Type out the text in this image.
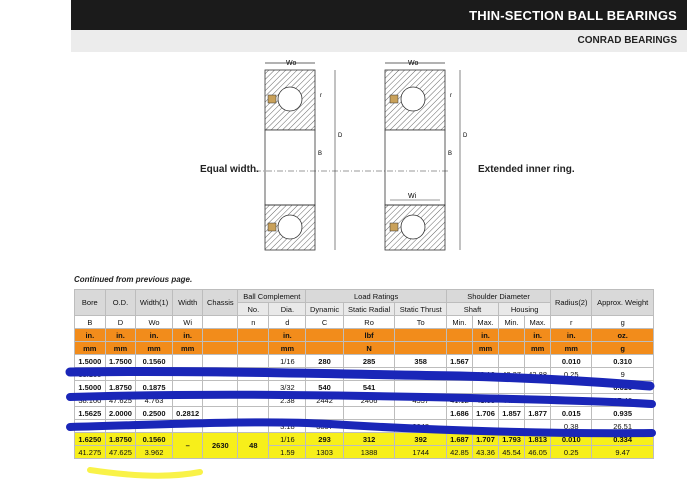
THIN-SECTION BALL BEARINGS
CONRAD BEARINGS
Wo
D
B
r
Wo
Wi
D
B
r
Equal width.	Extended inner ring.
Continued from previous page.
Bore	O.D.	Width(1)	Width	Chassis	Ball Complement		Load Ratings			Shoulder Diameter				Radius(2)	Approx. Weight
					No.	Dia.	Dynamic	Static Radial	Static Thrust	Shaft		Housing			
B	D	Wo	Wi		n	d	C	Ro	To	Min.	Max.	Min.	Max.	r	g
in.	in.	in.	in.			in.		lbf			in.		in.	in.	oz.
mm	mm	mm	mm			mm		N			mm		mm	mm	g
1.5000	1.7500	0.1560				1/16	280	285	358	1.567				0.010	0.310
38.100						1.59					40.18	42.37	42.88	0.25	9
1.5000	1.8750	0.1875				3/32	540	541							0.616
38.100	47.625	4.763				2.38	2442	2406	4537	41.12	41.63	44.09	44.60	0.38	17.46
1.5625	2.0000	0.2500	0.2812							1.686	1.706	1.857	1.877	0.015	0.935
39.688	50.800					3.18	3857	3538	3643					0.38	26.51
1.6250	1.8750	0.1560	–	2630	48	1/16	293	312	392	1.687	1.707	1.793	1.813	0.010	0.334
41.275	47.625	3.962				1.59	1303	1388	1744	42.85	43.36	45.54	46.05	0.25	9.47
